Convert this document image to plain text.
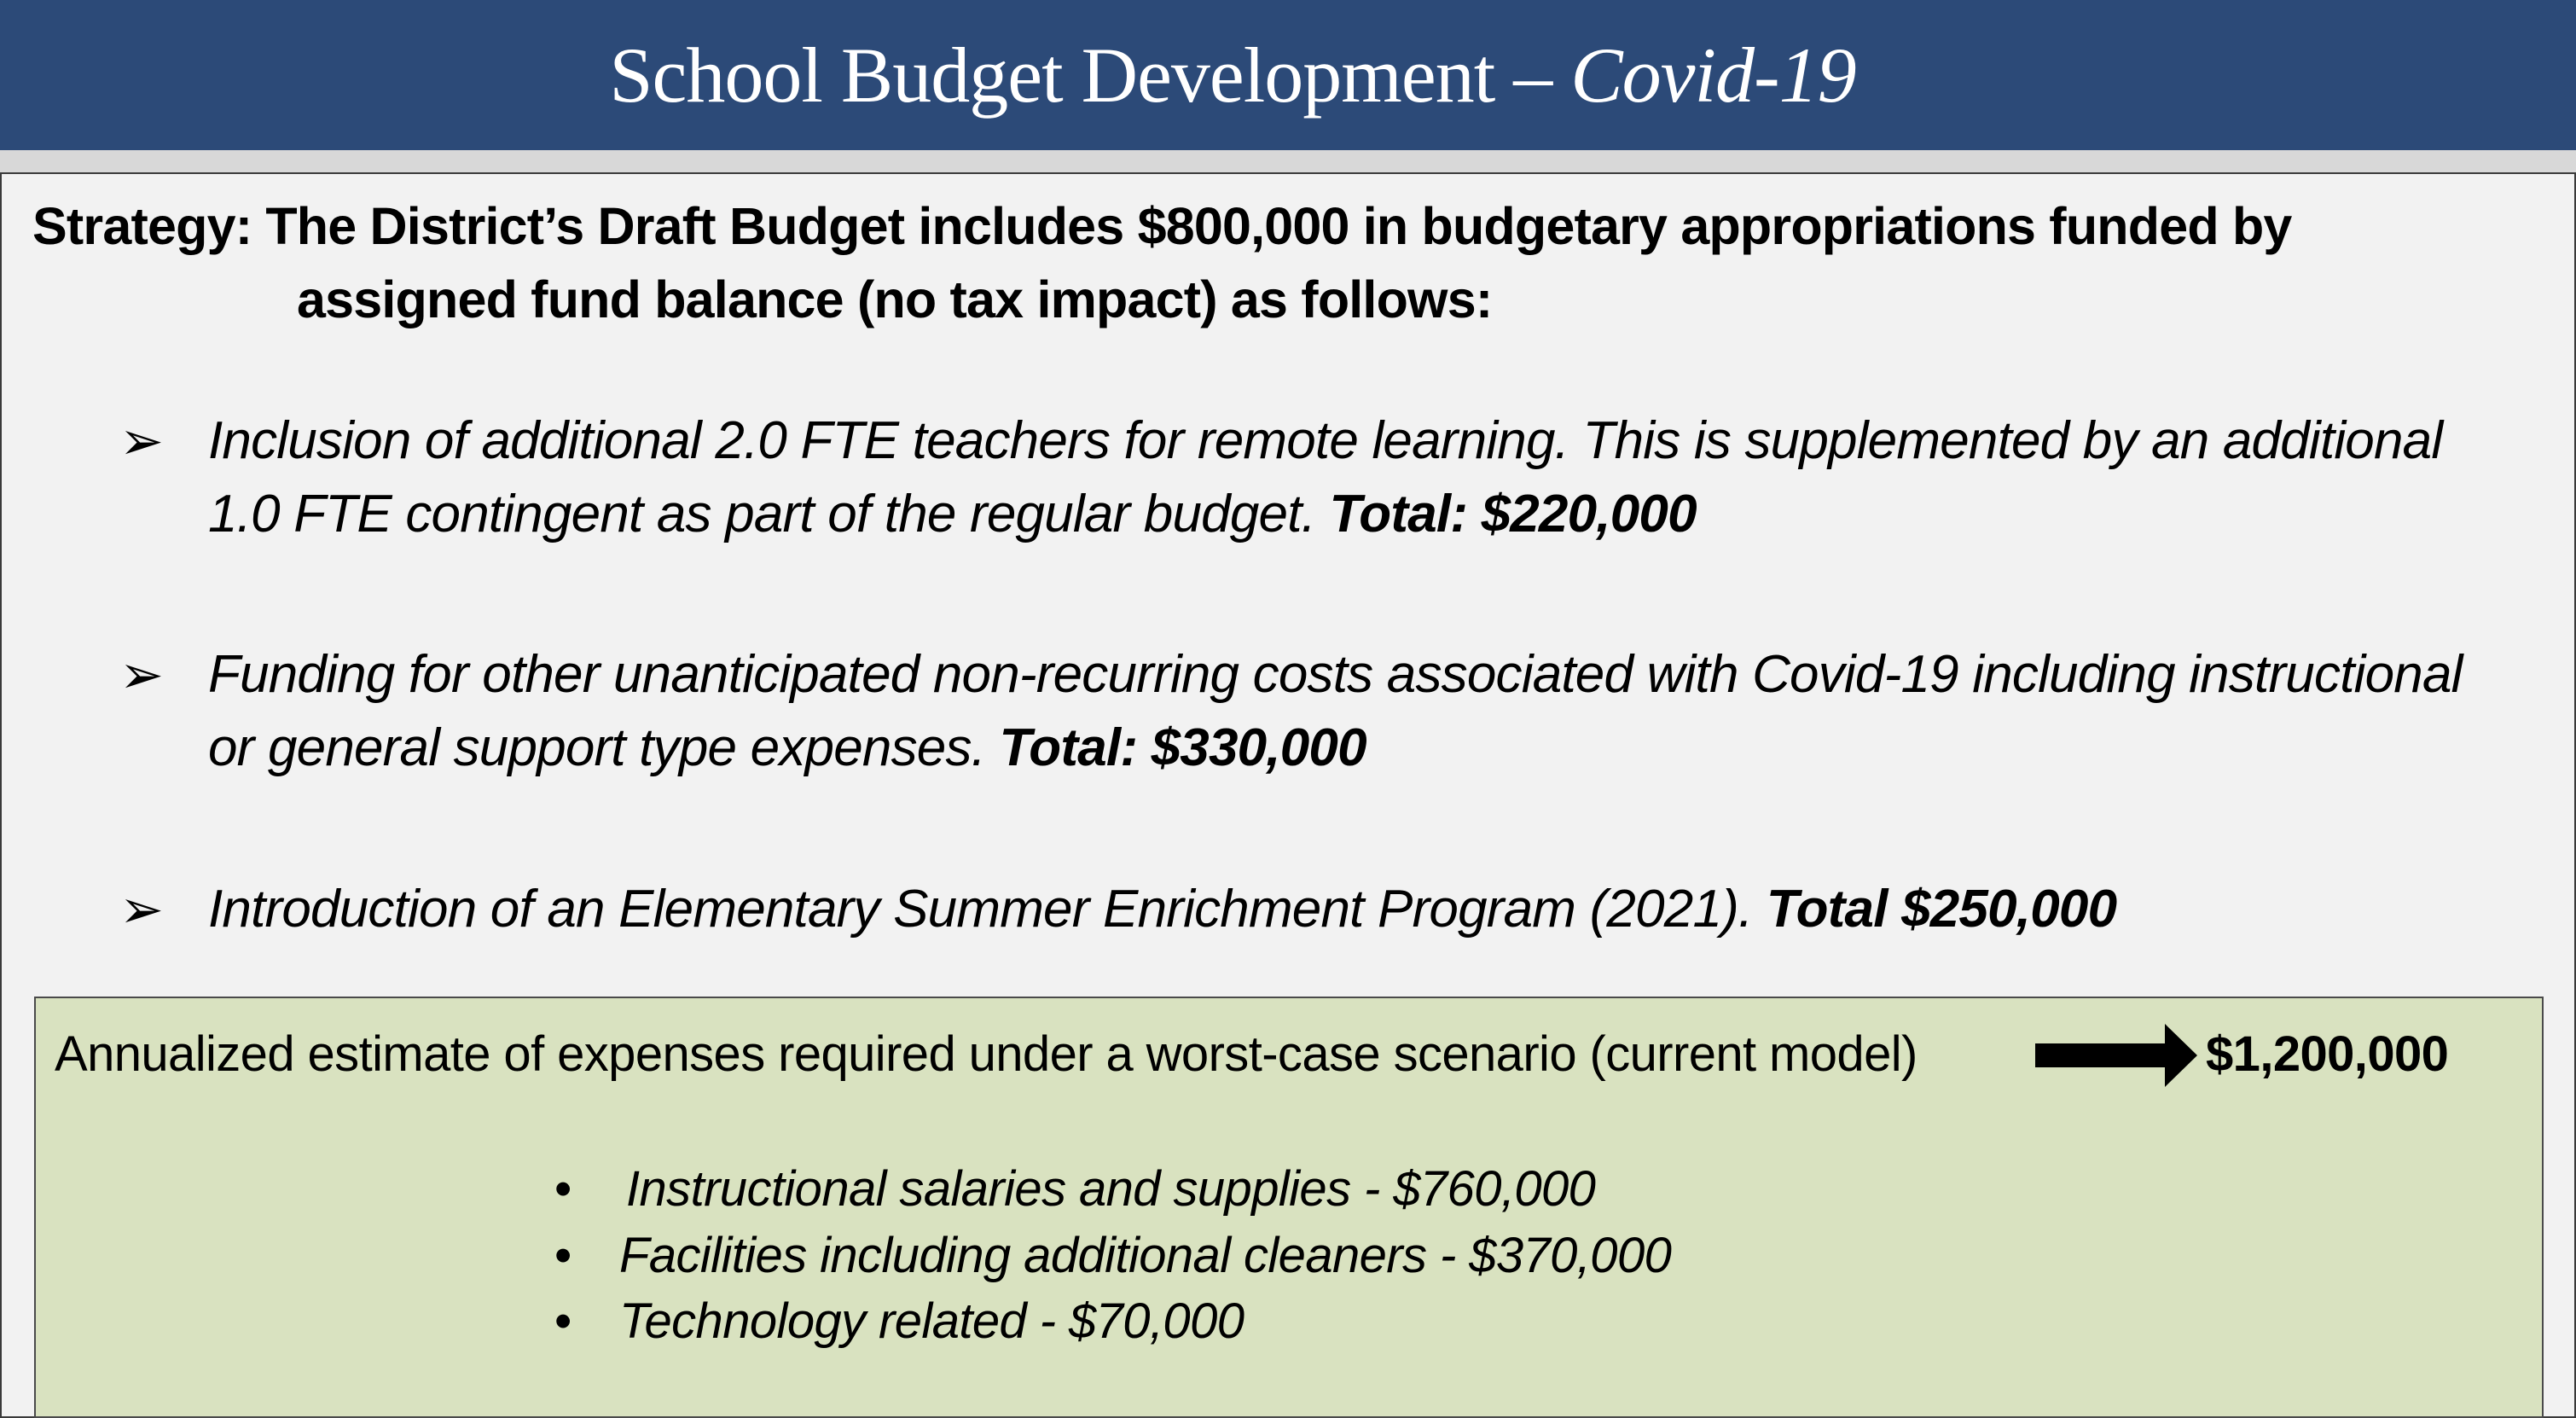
School Budget Development – Covid-19
Strategy: The District’s Draft Budget includes $800,000 in budgetary appropriations funded by
assigned fund balance (no tax impact) as follows:
➢ Inclusion of additional 2.0 FTE teachers for remote learning. This is supplemented by an additional 1.0 FTE contingent as part of the regular budget. Total: $220,000
➢ Funding for other unanticipated non-recurring costs associated with Covid-19 including instructional or general support type expenses. Total: $330,000
➢ Introduction of an Elementary Summer Enrichment Program (2021). Total $250,000
Annualized estimate of expenses required under a worst-case scenario (current model)	$1,200,000
• Instructional salaries and supplies - $760,000
• Facilities including additional cleaners - $370,000
• Technology related - $70,000
